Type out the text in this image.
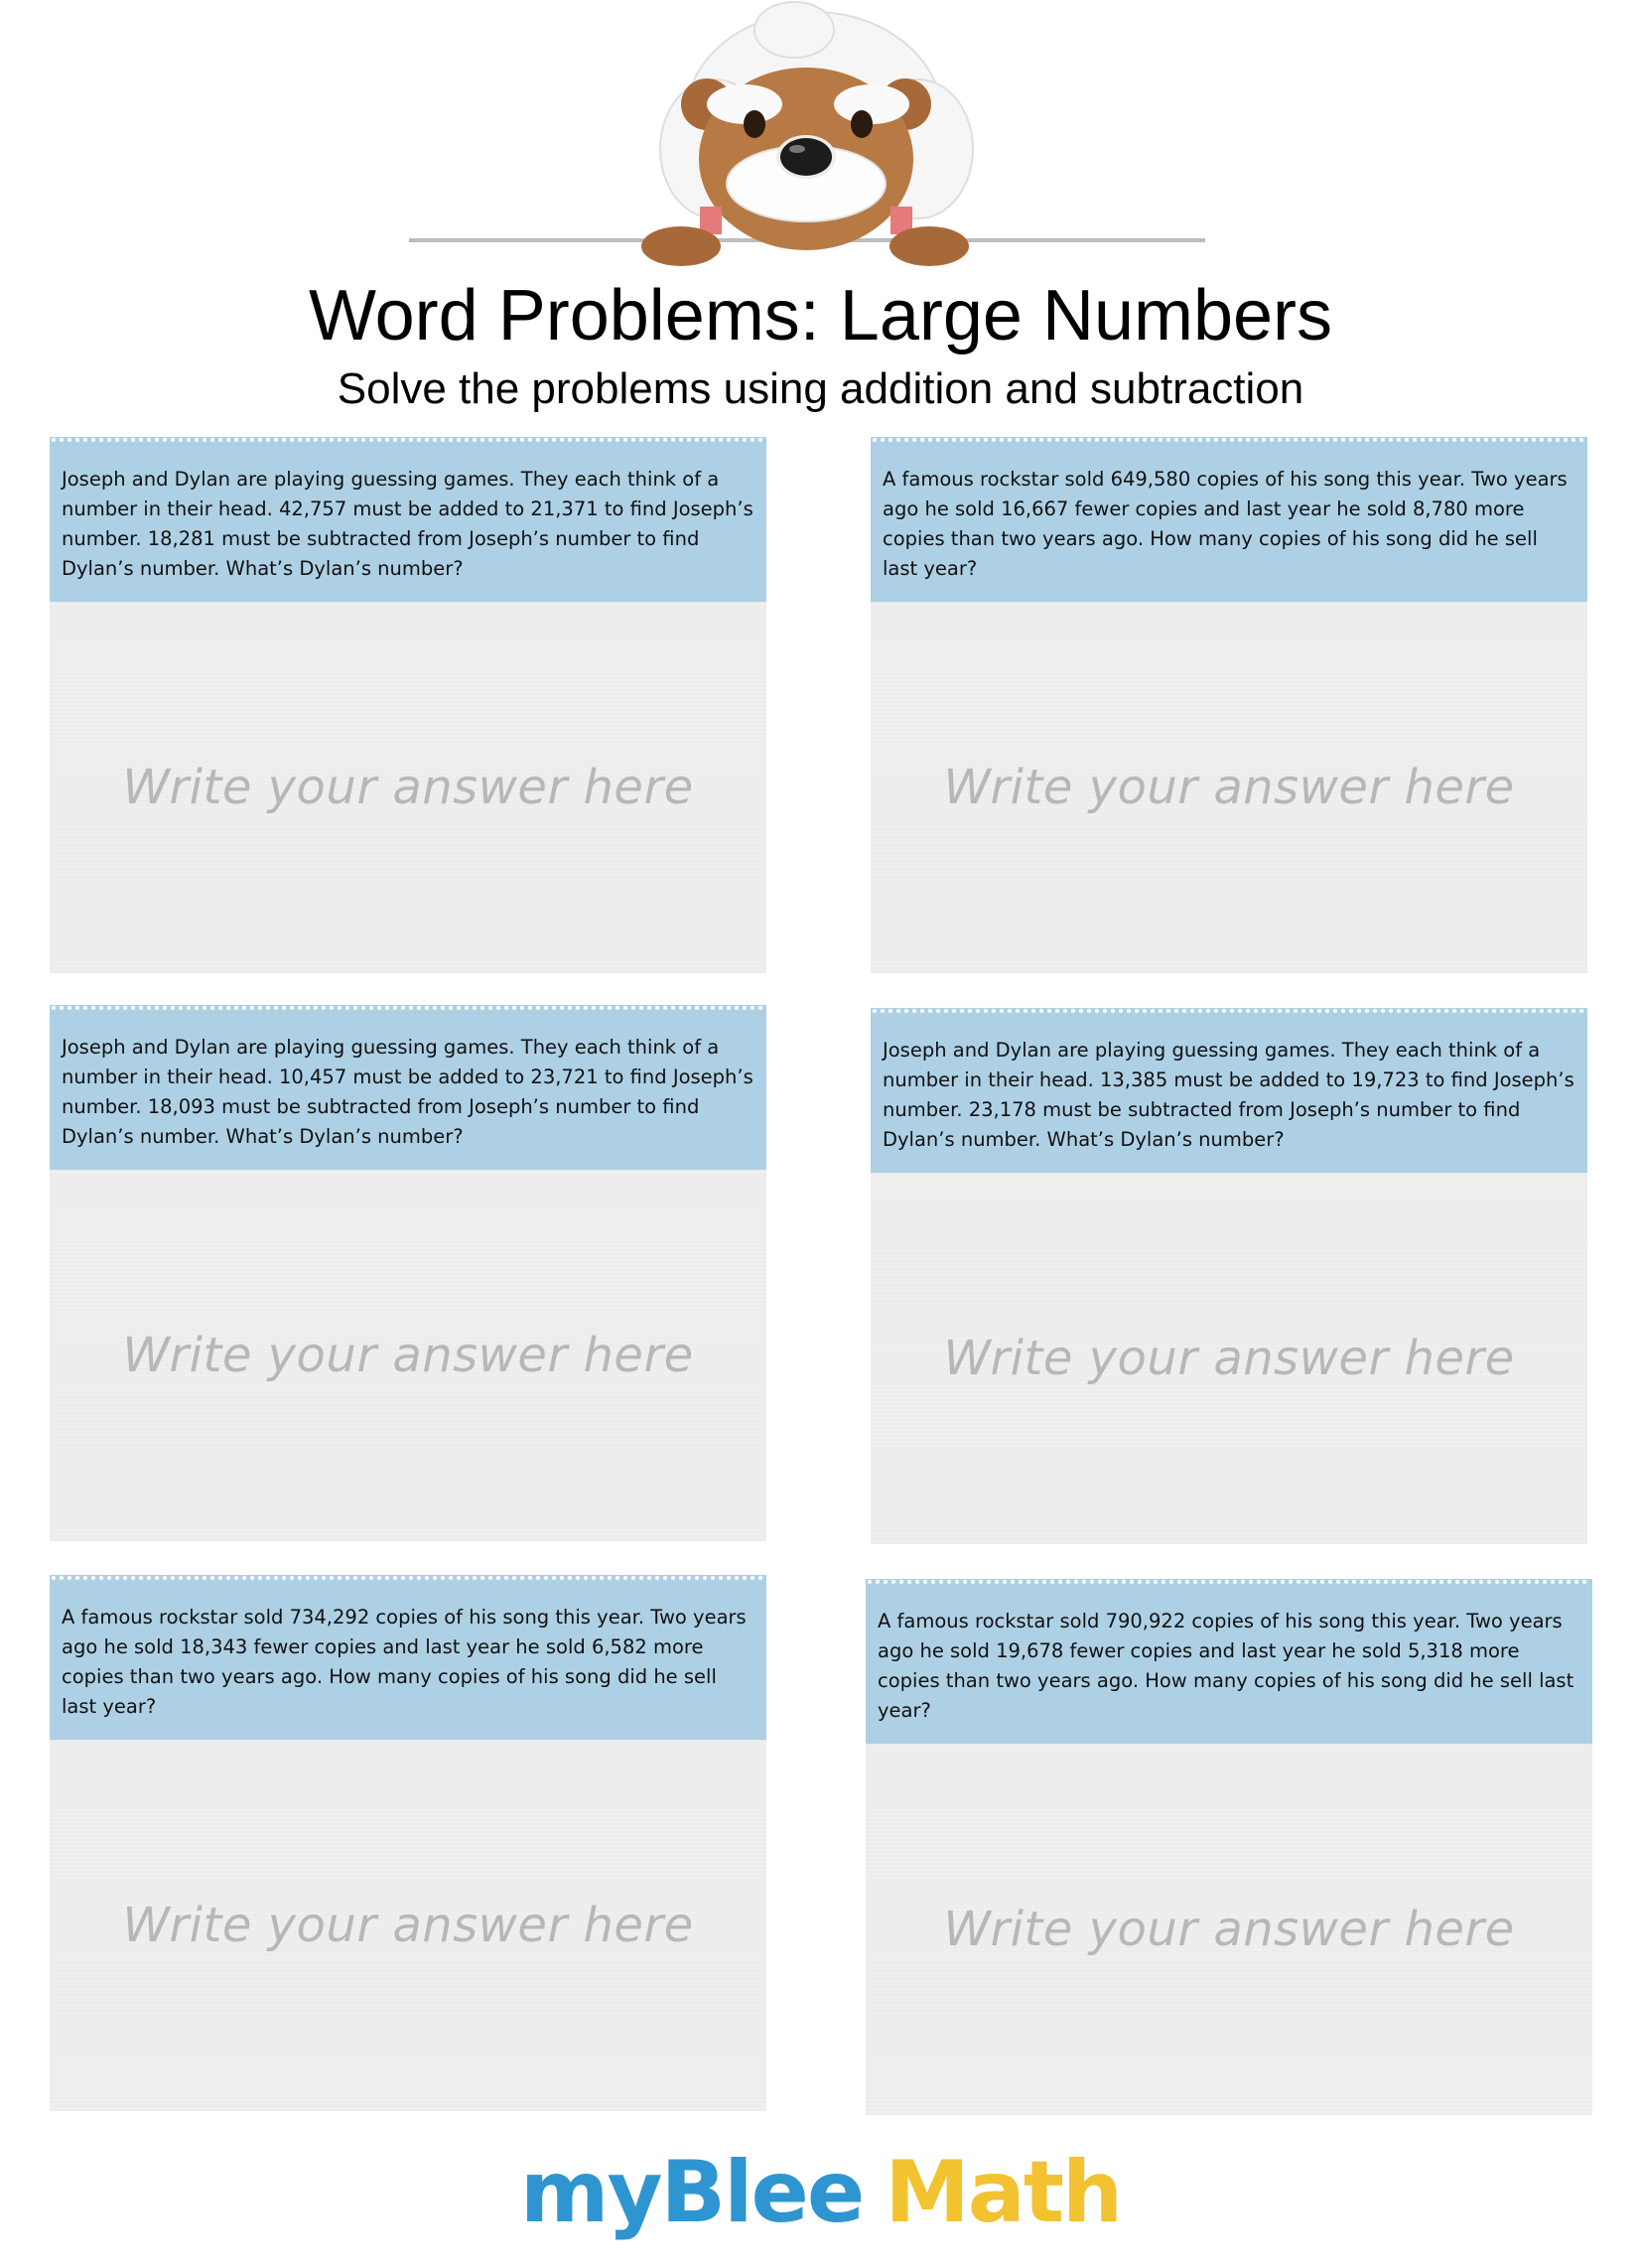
Word Problems: Large Numbers
Solve the problems using addition and subtraction
Joseph and Dylan are playing guessing games. They each think of a number in their head. 42,757 must be added to 21,371 to find Joseph’s number. 18,281 must be subtracted from Joseph’s number to find Dylan’s number. What’s Dylan’s number?
Write your answer here
A famous rockstar sold 649,580 copies of his song this year. Two years ago he sold 16,667 fewer copies and last year he sold 8,780 more copies than two years ago. How many copies of his song did he sell last year?
Write your answer here
Joseph and Dylan are playing guessing games. They each think of a number in their head. 10,457 must be added to 23,721 to find Joseph’s number. 18,093 must be subtracted from Joseph’s number to find Dylan’s number. What’s Dylan’s number?
Write your answer here
Joseph and Dylan are playing guessing games. They each think of a number in their head. 13,385 must be added to 19,723 to find Joseph’s number. 23,178 must be subtracted from Joseph’s number to find Dylan’s number. What’s Dylan’s number?
Write your answer here
A famous rockstar sold 734,292 copies of his song this year. Two years ago he sold 18,343 fewer copies and last year he sold 6,582 more copies than two years ago. How many copies of his song did he sell last year?
Write your answer here
A famous rockstar sold 790,922 copies of his song this year. Two years ago he sold 19,678 fewer copies and last year he sold 5,318 more copies than two years ago. How many copies of his song did he sell last year?
Write your answer here
myBlee Math
